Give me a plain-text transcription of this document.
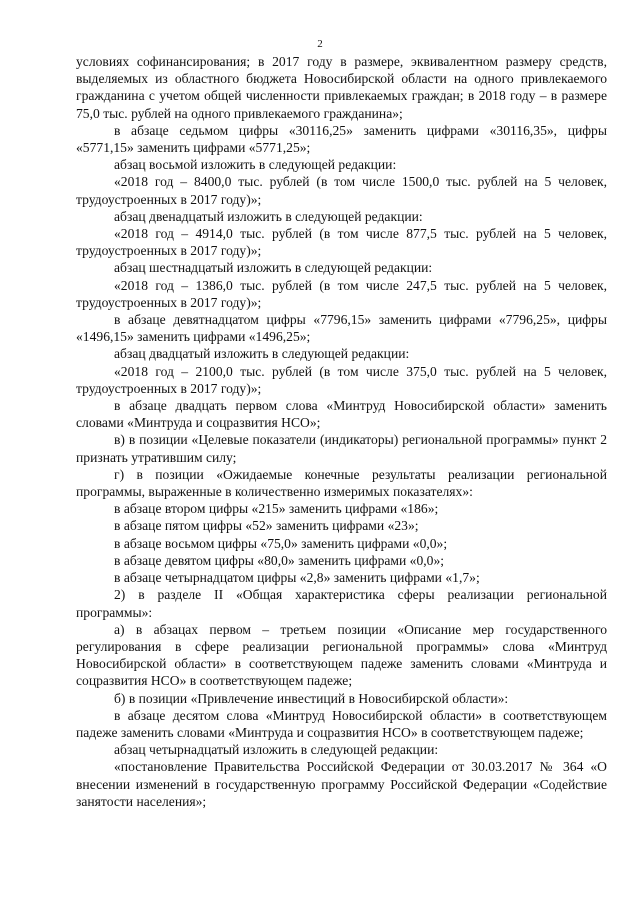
2

условиях софинансирования; в 2017 году в размере, эквивалентном размеру средств, выделяемых из областного бюджета Новосибирской области на одного привлекаемого гражданина с учетом общей численности привлекаемых граждан; в 2018 году – в размере 75,0 тыс. рублей на одного привлекаемого гражданина»;

в абзаце седьмом цифры «30116,25» заменить цифрами «30116,35», цифры «5771,15» заменить цифрами «5771,25»;

абзац восьмой изложить в следующей редакции:

«2018 год – 8400,0 тыс. рублей (в том числе 1500,0 тыс. рублей на 5 человек, трудоустроенных в 2017 году)»;

абзац двенадцатый изложить в следующей редакции:

«2018 год – 4914,0 тыс. рублей (в том числе 877,5 тыс. рублей на 5 человек, трудоустроенных в 2017 году)»;

абзац шестнадцатый изложить в следующей редакции:

«2018 год – 1386,0 тыс. рублей (в том числе 247,5 тыс. рублей на 5 человек, трудоустроенных в 2017 году)»;

в абзаце девятнадцатом цифры «7796,15» заменить цифрами «7796,25», цифры «1496,15» заменить цифрами «1496,25»;

абзац двадцатый изложить в следующей редакции:

«2018 год – 2100,0 тыс. рублей (в том числе 375,0 тыс. рублей на 5 человек, трудоустроенных в 2017 году)»;

в абзаце двадцать первом слова «Минтруд Новосибирской области» заменить словами «Минтруда и соцразвития НСО»;

в) в позиции «Целевые показатели (индикаторы) региональной программы» пункт 2 признать утратившим силу;

г) в позиции «Ожидаемые конечные результаты реализации региональной программы, выраженные в количественно измеримых показателях»:

в абзаце втором цифры «215» заменить цифрами «186»;

в абзаце пятом цифры «52» заменить цифрами «23»;

в абзаце восьмом цифры «75,0» заменить цифрами «0,0»;

в абзаце девятом цифры «80,0» заменить цифрами «0,0»;

в абзаце четырнадцатом цифры «2,8» заменить цифрами «1,7»;

2) в разделе II «Общая характеристика сферы реализации региональной программы»:

а) в абзацах первом – третьем позиции «Описание мер государственного регулирования в сфере реализации региональной программы» слова «Минтруд Новосибирской области» в соответствующем падеже заменить словами «Минтруда и соцразвития НСО» в соответствующем падеже;

б) в позиции «Привлечение инвестиций в Новосибирской области»:

в абзаце десятом слова «Минтруд Новосибирской области» в соответствующем падеже заменить словами «Минтруда и соцразвития НСО» в соответствующем падеже;

абзац четырнадцатый изложить в следующей редакции:

«постановление Правительства Российской Федерации от 30.03.2017 № 364 «О внесении изменений в государственную программу Российской Федерации «Содействие занятости населения»;
